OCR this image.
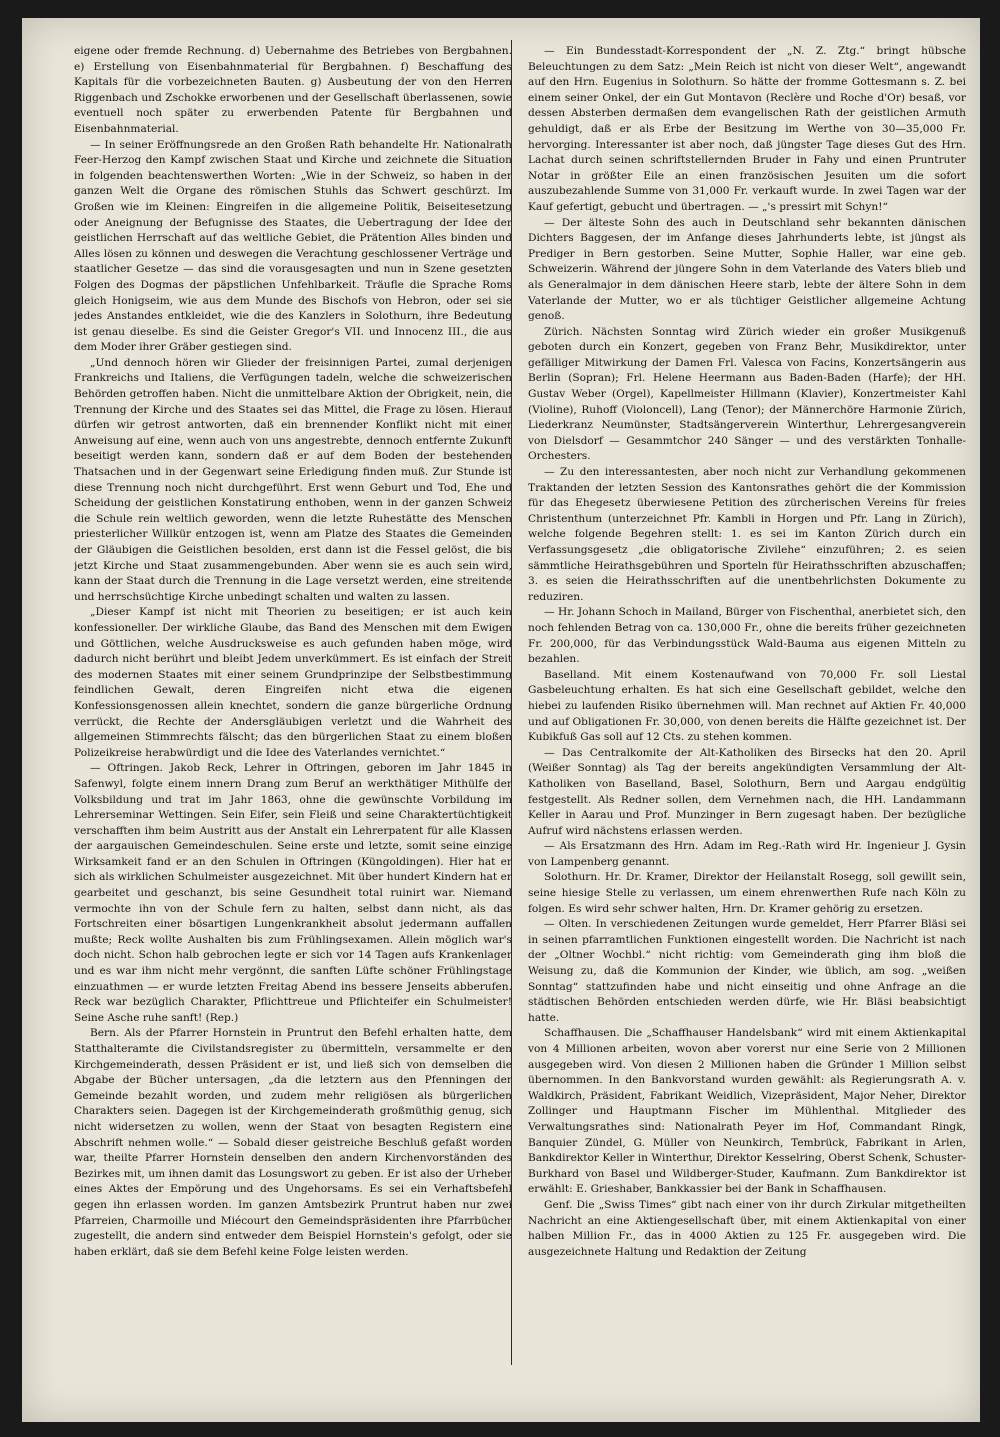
eigene oder fremde Rechnung. d) Uebernahme des Betriebes von Bergbahnen. e) Erstellung von Eisenbahnmaterial für Bergbahnen. f) Beschaffung des Kapitals für die vorbezeichneten Bauten. g) Ausbeutung der von den Herren Riggenbach und Zschokke erworbenen und der Gesellschaft überlassenen, sowie eventuell noch später zu erwerbenden Patente für Bergbahnen und Eisenbahnmaterial.

— In seiner Eröffnungsrede an den Großen Rath behandelte Hr. Nationalrath Feer-Herzog den Kampf zwischen Staat und Kirche und zeichnete die Situation in folgenden beachtenswerthen Worten: „Wie in der Schweiz, so haben in der ganzen Welt die Organe des römischen Stuhls das Schwert geschürzt. Im Großen wie im Kleinen: Eingreifen in die allgemeine Politik, Beiseitesetzung oder Aneignung der Befugnisse des Staates, die Uebertragung der Idee der geistlichen Herrschaft auf das weltliche Gebiet, die Prätention Alles binden und Alles lösen zu können und deswegen die Verachtung geschlossener Verträge und staatlicher Gesetze — das sind die vorausgesagten und nun in Szene gesetzten Folgen des Dogmas der päpstlichen Unfehlbarkeit. Träufle die Sprache Roms gleich Honigseim, wie aus dem Munde des Bischofs von Hebron, oder sei sie jedes Anstandes entkleidet, wie die des Kanzlers in Solothurn, ihre Bedeutung ist genau dieselbe. Es sind die Geister Gregor's VII. und Innocenz III., die aus dem Moder ihrer Gräber gestiegen sind.

„Und dennoch hören wir Glieder der freisinnigen Partei, zumal derjenigen Frankreichs und Italiens, die Verfügungen tadeln, welche die schweizerischen Behörden getroffen haben. Nicht die unmittelbare Aktion der Obrigkeit, nein, die Trennung der Kirche und des Staates sei das Mittel, die Frage zu lösen. Hierauf dürfen wir getrost antworten, daß ein brennender Konflikt nicht mit einer Anweisung auf eine, wenn auch von uns angestrebte, dennoch entfernte Zukunft beseitigt werden kann, sondern daß er auf dem Boden der bestehenden Thatsachen und in der Gegenwart seine Erledigung finden muß. Zur Stunde ist diese Trennung noch nicht durchgeführt. Erst wenn Geburt und Tod, Ehe und Scheidung der geistlichen Konstatirung enthoben, wenn in der ganzen Schweiz die Schule rein weltlich geworden, wenn die letzte Ruhestätte des Menschen priesterlicher Willkür entzogen ist, wenn am Platze des Staates die Gemeinden der Gläubigen die Geistlichen besolden, erst dann ist die Fessel gelöst, die bis jetzt Kirche und Staat zusammengebunden. Aber wenn sie es auch sein wird, kann der Staat durch die Trennung in die Lage versetzt werden, eine streitende und herrschsüchtige Kirche unbedingt schalten und walten zu lassen.

„Dieser Kampf ist nicht mit Theorien zu beseitigen; er ist auch kein konfessioneller. Der wirkliche Glaube, das Band des Menschen mit dem Ewigen und Göttlichen, welche Ausdrucksweise es auch gefunden haben möge, wird dadurch nicht berührt und bleibt Jedem unverkümmert. Es ist einfach der Streit des modernen Staates mit einer seinem Grundprinzipe der Selbstbestimmung feindlichen Gewalt, deren Eingreifen nicht etwa die eigenen Konfessionsgenossen allein knechtet, sondern die ganze bürgerliche Ordnung verrückt, die Rechte der Andersgläubigen verletzt und die Wahrheit des allgemeinen Stimmrechts fälscht; das den bürgerlichen Staat zu einem bloßen Polizeikreise herabwürdigt und die Idee des Vaterlandes vernichtet.“

— Oftringen. Jakob Reck, Lehrer in Oftringen, geboren im Jahr 1845 in Safenwyl, folgte einem innern Drang zum Beruf an werkthätiger Mithülfe der Volksbildung und trat im Jahr 1863, ohne die gewünschte Vorbildung im Lehrerseminar Wettingen. Sein Eifer, sein Fleiß und seine Charaktertüchtigkeit verschafften ihm beim Austritt aus der Anstalt ein Lehrerpatent für alle Klassen der aargauischen Gemeindeschulen. Seine erste und letzte, somit seine einzige Wirksamkeit fand er an den Schulen in Oftringen (Küngoldingen). Hier hat er sich als wirklichen Schulmeister ausgezeichnet. Mit über hundert Kindern hat er gearbeitet und geschanzt, bis seine Gesundheit total ruinirt war. Niemand vermochte ihn von der Schule fern zu halten, selbst dann nicht, als das Fortschreiten einer bösartigen Lungenkrankheit absolut jedermann auffallen mußte; Reck wollte Aushalten bis zum Frühlingsexamen. Allein möglich war's doch nicht. Schon halb gebrochen legte er sich vor 14 Tagen aufs Krankenlager und es war ihm nicht mehr vergönnt, die sanften Lüfte schöner Frühlingstage einzuathmen — er wurde letzten Freitag Abend ins bessere Jenseits abberufen. Reck war bezüglich Charakter, Pflichttreue und Pflichteifer ein Schulmeister! Seine Asche ruhe sanft! (Rep.)

Bern. Als der Pfarrer Hornstein in Pruntrut den Befehl erhalten hatte, dem Statthalteramte die Civilstandsregister zu übermitteln, versammelte er den Kirchgemeinderath, dessen Präsident er ist, und ließ sich von demselben die Abgabe der Bücher untersagen, „da die letztern aus den Pfenningen der Gemeinde bezahlt worden, und zudem mehr religiösen als bürgerlichen Charakters seien. Dagegen ist der Kirchgemeinderath großmüthig genug, sich nicht widersetzen zu wollen, wenn der Staat von besagten Registern eine Abschrift nehmen wolle.“ — Sobald dieser geistreiche Beschluß gefaßt worden war, theilte Pfarrer Hornstein denselben den andern Kirchenvorständen des Bezirkes mit, um ihnen damit das Losungswort zu geben. Er ist also der Urheber eines Aktes der Empörung und des Ungehorsams. Es sei ein Verhaftsbefehl gegen ihn erlassen worden. Im ganzen Amtsbezirk Pruntrut haben nur zwei Pfarreien, Charmoille und Miécourt den Gemeindspräsidenten ihre Pfarrbücher zugestellt, die andern sind entweder dem Beispiel Hornstein's gefolgt, oder sie haben erklärt, daß sie dem Befehl keine Folge leisten werden.

— Ein Bundesstadt-Korrespondent der „N. Z. Ztg.“ bringt hübsche Beleuchtungen zu dem Satz: „Mein Reich ist nicht von dieser Welt“, angewandt auf den Hrn. Eugenius in Solothurn. So hätte der fromme Gottesmann s. Z. bei einem seiner Onkel, der ein Gut Montavon (Reclère und Roche d'Or) besaß, vor dessen Absterben dermaßen dem evangelischen Rath der geistlichen Armuth gehuldigt, daß er als Erbe der Besitzung im Werthe von 30—35,000 Fr. hervorging. Interessanter ist aber noch, daß jüngster Tage dieses Gut des Hrn. Lachat durch seinen schriftstellernden Bruder in Fahy und einen Pruntruter Notar in größter Eile an einen französischen Jesuiten um die sofort auszubezahlende Summe von 31,000 Fr. verkauft wurde. In zwei Tagen war der Kauf gefertigt, gebucht und übertragen. — „'s pressirt mit Schyn!“

— Der älteste Sohn des auch in Deutschland sehr bekannten dänischen Dichters Baggesen, der im Anfange dieses Jahrhunderts lebte, ist jüngst als Prediger in Bern gestorben. Seine Mutter, Sophie Haller, war eine geb. Schweizerin. Während der jüngere Sohn in dem Vaterlande des Vaters blieb und als Generalmajor in dem dänischen Heere starb, lebte der ältere Sohn in dem Vaterlande der Mutter, wo er als tüchtiger Geistlicher allgemeine Achtung genoß.

Zürich. Nächsten Sonntag wird Zürich wieder ein großer Musikgenuß geboten durch ein Konzert, gegeben von Franz Behr, Musikdirektor, unter gefälliger Mitwirkung der Damen Frl. Valesca von Facins, Konzertsängerin aus Berlin (Sopran); Frl. Helene Heermann aus Baden-Baden (Harfe); der HH. Gustav Weber (Orgel), Kapellmeister Hillmann (Klavier), Konzertmeister Kahl (Violine), Ruhoff (Violoncell), Lang (Tenor); der Männerchöre Harmonie Zürich, Liederkranz Neumünster, Stadtsängerverein Winterthur, Lehrergesangverein von Dielsdorf — Gesammtchor 240 Sänger — und des verstärkten Tonhalle-Orchesters.

— Zu den interessantesten, aber noch nicht zur Verhandlung gekommenen Traktanden der letzten Session des Kantonsrathes gehört die der Kommission für das Ehegesetz überwiesene Petition des zürcherischen Vereins für freies Christenthum (unterzeichnet Pfr. Kambli in Horgen und Pfr. Lang in Zürich), welche folgende Begehren stellt: 1. es sei im Kanton Zürich durch ein Verfassungsgesetz „die obligatorische Zivilehe“ einzuführen; 2. es seien sämmtliche Heirathsgebühren und Sporteln für Heirathsschriften abzuschaffen; 3. es seien die Heirathsschriften auf die unentbehrlichsten Dokumente zu reduziren.

— Hr. Johann Schoch in Mailand, Bürger von Fischenthal, anerbietet sich, den noch fehlenden Betrag von ca. 130,000 Fr., ohne die bereits früher gezeichneten Fr. 200,000, für das Verbindungsstück Wald-Bauma aus eigenen Mitteln zu bezahlen.

Baselland. Mit einem Kostenaufwand von 70,000 Fr. soll Liestal Gasbeleuchtung erhalten. Es hat sich eine Gesellschaft gebildet, welche den hiebei zu laufenden Risiko übernehmen will. Man rechnet auf Aktien Fr. 40,000 und auf Obligationen Fr. 30,000, von denen bereits die Hälfte gezeichnet ist. Der Kubikfuß Gas soll auf 12 Cts. zu stehen kommen.

— Das Centralkomite der Alt-Katholiken des Birsecks hat den 20. April (Weißer Sonntag) als Tag der bereits angekündigten Versammlung der Alt-Katholiken von Baselland, Basel, Solothurn, Bern und Aargau endgültig festgestellt. Als Redner sollen, dem Vernehmen nach, die HH. Landammann Keller in Aarau und Prof. Munzinger in Bern zugesagt haben. Der bezügliche Aufruf wird nächstens erlassen werden.

— Als Ersatzmann des Hrn. Adam im Reg.-Rath wird Hr. Ingenieur J. Gysin von Lampenberg genannt.

Solothurn. Hr. Dr. Kramer, Direktor der Heilanstalt Rosegg, soll gewillt sein, seine hiesige Stelle zu verlassen, um einem ehrenwerthen Rufe nach Köln zu folgen. Es wird sehr schwer halten, Hrn. Dr. Kramer gehörig zu ersetzen.

— Olten. In verschiedenen Zeitungen wurde gemeldet, Herr Pfarrer Bläsi sei in seinen pfarramtlichen Funktionen eingestellt worden. Die Nachricht ist nach der „Oltner Wochbl.“ nicht richtig: vom Gemeinderath ging ihm bloß die Weisung zu, daß die Kommunion der Kinder, wie üblich, am sog. „weißen Sonntag“ stattzufinden habe und nicht einseitig und ohne Anfrage an die städtischen Behörden entschieden werden dürfe, wie Hr. Bläsi beabsichtigt hatte.

Schaffhausen. Die „Schaffhauser Handelsbank“ wird mit einem Aktienkapital von 4 Millionen arbeiten, wovon aber vorerst nur eine Serie von 2 Millionen ausgegeben wird. Von diesen 2 Millionen haben die Gründer 1 Million selbst übernommen. In den Bankvorstand wurden gewählt: als Regierungsrath A. v. Waldkirch, Präsident, Fabrikant Weidlich, Vizepräsident, Major Neher, Direktor Zollinger und Hauptmann Fischer im Mühlenthal. Mitglieder des Verwaltungsrathes sind: Nationalrath Peyer im Hof, Commandant Ringk, Banquier Zündel, G. Müller von Neunkirch, Tembrück, Fabrikant in Arlen, Bankdirektor Keller in Winterthur, Direktor Kesselring, Oberst Schenk, Schuster-Burkhard von Basel und Wildberger-Studer, Kaufmann. Zum Bankdirektor ist erwählt: E. Grieshaber, Bankkassier bei der Bank in Schaffhausen.

Genf. Die „Swiss Times“ gibt nach einer von ihr durch Zirkular mitgetheilten Nachricht an eine Aktiengesellschaft über, mit einem Aktienkapital von einer halben Million Fr., das in 4000 Aktien zu 125 Fr. ausgegeben wird. Die ausgezeichnete Haltung und Redaktion der Zeitung
